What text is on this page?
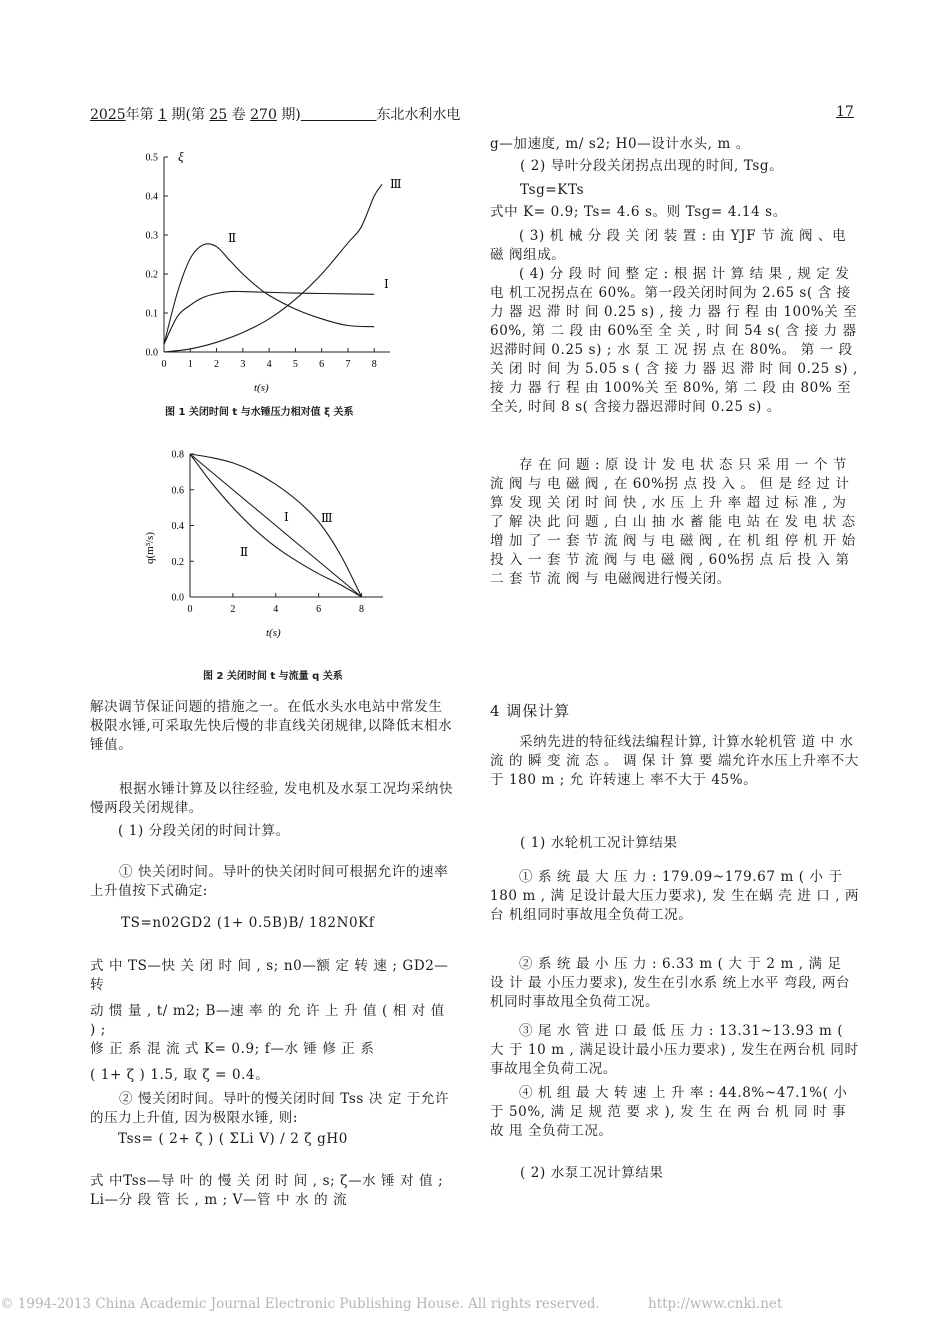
2025年第 1 期(第 25 卷 270 期)	东北水利水电	17
0 1 2 3 4 5 6 7 8
0.0
0.1
0.2
0.3
0.4
0.5 ξ
t(s)
Ⅰ
Ⅱ
Ⅲ
图 1 关闭时间 t 与水锤压力相对值 ξ 关系
0	2	4	6	8
0.0
0.2
0.4
0.6
0.8
q(m³/s)
t(s)
Ⅰ
Ⅱ
Ⅲ
图 2 关闭时间 t 与流量 q 关系
解决调节保证问题的措施之一。在低水头水电站中常发生极限水锤,可采取先快后慢的非直线关闭规律,以降低末相水锤值。
根据水锤计算及以往经验, 发电机及水泵工况均采纳快慢两段关闭规律。
( 1) 分段关闭的时间计算。
① 快关闭时间。导叶的快关闭时间可根据允许的速率上升值按下式确定:
TS=n02GD2 (1+ 0.5B)B/ 182N0Kf
式 中 TS—快 关 闭 时 间 , s; n0—额 定 转 速 ; GD2—转
动 惯 量 , t/ m2; B—速 率 的 允 许 上 升 值 ( 相 对 值 ) ;
修 正 系 混 流 式 K= 0.9; f—水 锤 修 正 系
( 1+ ζ ) 1.5, 取 ζ = 0.4。
② 慢关闭时间。导叶的慢关闭时间 Tss 决 定 于允许的压力上升值, 因为极限水锤, 则:
Tss= ( 2+ ζ ) ( ΣLi V) / 2 ζ gH0
式 中Tss—导 叶 的 慢 关 闭 时 间 , s; ζ—水 锤 对 值 ; Li—分 段 管 长 , m ; V—管 中 水 的 流
g—加速度, m/ s2; H0—设计水头, m 。
( 2) 导叶分段关闭拐点出现的时间, Tsg。
Tsg=KTs
式中 K= 0.9; Ts= 4.6 s。则 Tsg= 4.14 s。
( 3) 机 械 分 段 关 闭 装 置 : 由 YJF 节 流 阀 、电 磁 阀组成。
( 4) 分 段 时 间 整 定 : 根 据 计 算 结 果 , 规 定 发 电 机工况拐点在 60%。第一段关闭时间为 2.65 s( 含 接 力 器 迟 滞 时 间 0.25 s) , 接 力 器 行 程 由 100%关 至 60%, 第 二 段 由 60%至 全 关 , 时 间 54 s( 含 接 力 器迟滞时间 0.25 s) ; 水 泵 工 况 拐 点 在 80%。 第 一 段 关 闭 时 间 为 5.05 s ( 含 接 力 器 迟 滞 时 间 0.25 s) , 接 力 器 行 程 由 100%关 至 80%, 第 二 段 由 80% 至全关, 时间 8 s( 含接力器迟滞时间 0.25 s) 。
存 在 问 题 : 原 设 计 发 电 状 态 只 采 用 一 个 节 流 阀 与 电 磁 阀 , 在 60%拐 点 投 入 。 但 是 经 过 计 算 发 现 关 闭 时 间 快 , 水 压 上 升 率 超 过 标 准 , 为 了 解 决 此 问 题 , 白 山 抽 水 蓄 能 电 站 在 发 电 状 态 增 加 了 一 套 节 流 阀 与 电 磁 阀 , 在 机 组 停 机 开 始 投 入 一 套 节 流 阀 与 电 磁 阀 , 60%拐 点 后 投 入 第 二 套 节 流 阀 与 电磁阀进行慢关闭。
4 调保计算
采纳先进的特征线法编程计算, 计算水轮机管 道 中 水 流 的 瞬 变 流 态 。 调 保 计 算 要 端允许水压上升率不大于 180 m ; 允 许转速上 率不大于 45%。
( 1) 水轮机工况计算结果
① 系 统 最 大 压 力 : 179.09~179.67 m ( 小 于 180 m , 满 足设计最大压力要求), 发 生在蜗 壳 进 口 , 两 台 机组同时事故甩全负荷工况。
② 系 统 最 小 压 力 : 6.33 m ( 大 于 2 m , 满 足 设 计 最 小压力要求), 发生在引水系 统上水平 弯段, 两台机同时事故甩全负荷工况。
③ 尾 水 管 进 口 最 低 压 力 : 13.31~13.93 m ( 大 于 10 m , 满足设计最小压力要求) , 发生在两台机 同时事故甩全负荷工况。
④ 机 组 最 大 转 速 上 升 率 : 44.8%~47.1%( 小 于 50%, 满 足 规 范 要 求 ), 发 生 在 两 台 机 同 时 事 故 甩 全负荷工况。
( 2) 水泵工况计算结果
© 1994-2013 China Academic Journal Electronic Publishing House. All rights reserved.	http://www.cnki.net
